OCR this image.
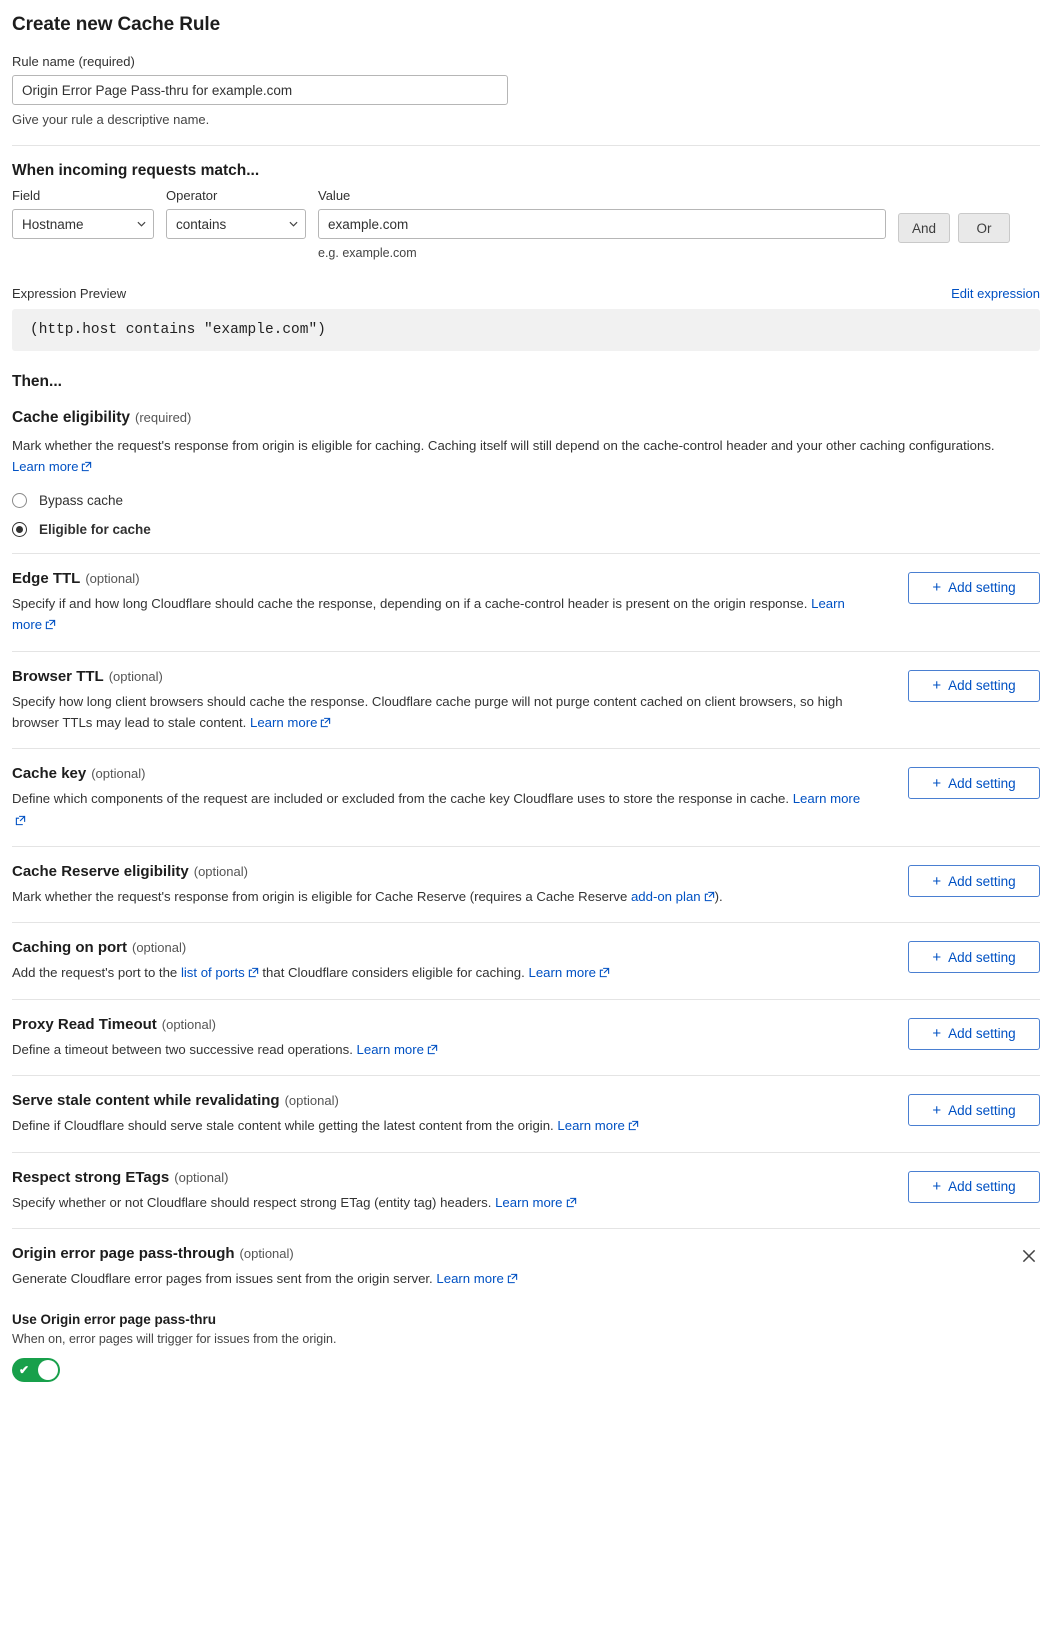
Create new Cache Rule
Rule name (required)
Origin Error Page Pass-thru for example.com
Give your rule a descriptive name.
When incoming requests match...
Field
Hostname
Operator
contains
Value
example.com
e.g. example.com
And	Or
Expression Preview	Edit expression
(http.host contains "example.com")
Then...
Cache eligibility (required)
Mark whether the request's response from origin is eligible for caching. Caching itself will still depend on the cache-control header and your other caching configurations. Learn more
Bypass cache
Eligible for cache
Edge TTL (optional)
Specify if and how long Cloudflare should cache the response, depending on if a cache-control header is present on the origin response. Learn more
+ Add setting
Browser TTL (optional)
Specify how long client browsers should cache the response. Cloudflare cache purge will not purge content cached on client browsers, so high browser TTLs may lead to stale content. Learn more
+ Add setting
Cache key (optional)
Define which components of the request are included or excluded from the cache key Cloudflare uses to store the response in cache. Learn more
+ Add setting
Cache Reserve eligibility (optional)
Mark whether the request's response from origin is eligible for Cache Reserve (requires a Cache Reserve add-on plan ).
+ Add setting
Caching on port (optional)
Add the request's port to the list of ports that Cloudflare considers eligible for caching. Learn more
+ Add setting
Proxy Read Timeout (optional)
Define a timeout between two successive read operations. Learn more
+ Add setting
Serve stale content while revalidating (optional)
Define if Cloudflare should serve stale content while getting the latest content from the origin. Learn more
+ Add setting
Respect strong ETags (optional)
Specify whether or not Cloudflare should respect strong ETag (entity tag) headers. Learn more
+ Add setting
Origin error page pass-through (optional)
Generate Cloudflare error pages from issues sent from the origin server. Learn more
Use Origin error page pass-thru
When on, error pages will trigger for issues from the origin.
✔
